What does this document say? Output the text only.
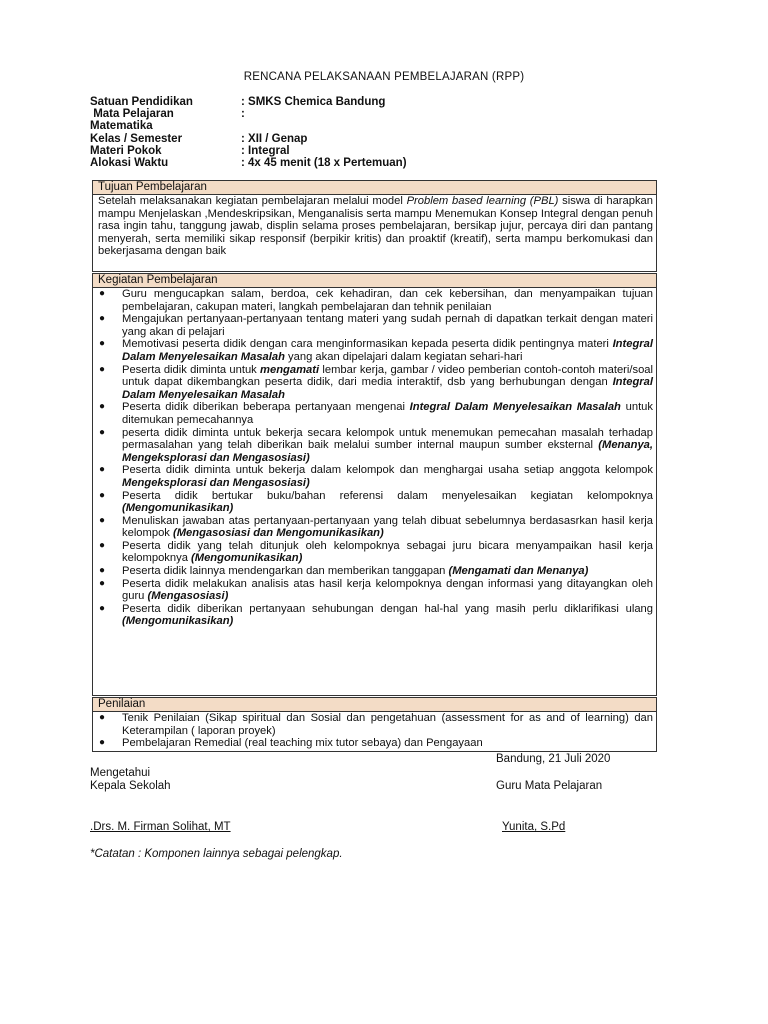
RENCANA PELAKSANAAN PEMBELAJARAN (RPP)
Satuan Pendidikan	: SMKS Chemica Bandung
Mata Pelajaran	:
Matematika
Kelas / Semester	: XII / Genap
Materi Pokok	: Integral
Alokasi Waktu	: 4x 45 menit (18 x Pertemuan)
Tujuan Pembelajaran
Setelah melaksanakan kegiatan pembelajaran melalui model Problem based learning (PBL) siswa di harapkan mampu Menjelaskan ,Mendeskripsikan, Menganalisis serta mampu Menemukan Konsep Integral dengan penuh rasa ingin tahu, tanggung jawab, displin selama proses pembelajaran, bersikap jujur, percaya diri dan pantang menyerah, serta memiliki sikap responsif (berpikir kritis) dan proaktif (kreatif), serta mampu berkomukasi dan bekerjasama dengan baik
Kegiatan Pembelajaran
● Guru mengucapkan salam, berdoa, cek kehadiran, dan cek kebersihan, dan menyampaikan tujuan pembelajaran, cakupan materi, langkah pembelajaran dan tehnik penilaian
● Mengajukan pertanyaan-pertanyaan tentang materi yang sudah pernah di dapatkan terkait dengan materi yang akan di pelajari
● Memotivasi peserta didik dengan cara menginformasikan kepada peserta didik pentingnya materi Integral Dalam Menyelesaikan Masalah yang akan dipelajari dalam kegiatan sehari-hari
● Peserta didik diminta untuk mengamati lembar kerja, gambar / video pemberian contoh-contoh materi/soal untuk dapat dikembangkan peserta didik, dari media interaktif, dsb yang berhubungan dengan Integral Dalam Menyelesaikan Masalah
● Peserta didik diberikan beberapa pertanyaan mengenai Integral Dalam Menyelesaikan Masalah untuk ditemukan pemecahannya
● peserta didik diminta untuk bekerja secara kelompok untuk menemukan pemecahan masalah terhadap permasalahan yang telah diberikan baik melalui sumber internal maupun sumber eksternal (Menanya, Mengeksplorasi dan Mengasosiasi)
● Peserta didik diminta untuk bekerja dalam kelompok dan menghargai usaha setiap anggota kelompok Mengeksplorasi dan Mengasosiasi)
● Peserta didik bertukar buku/bahan referensi dalam menyelesaikan kegiatan kelompoknya (Mengomunikasikan)
● Menuliskan jawaban atas pertanyaan-pertanyaan yang telah dibuat sebelumnya berdasasrkan hasil kerja kelompok (Mengasosiasi dan Mengomunikasikan)
● Peserta didik yang telah ditunjuk oleh kelompoknya sebagai juru bicara menyampaikan hasil kerja kelompoknya (Mengomunikasikan)
● Peserta didik lainnya mendengarkan dan memberikan tanggapan (Mengamati dan Menanya)
● Peserta didik melakukan analisis atas hasil kerja kelompoknya dengan informasi yang ditayangkan oleh guru (Mengasosiasi)
● Peserta didik diberikan pertanyaan sehubungan dengan hal-hal yang masih perlu diklarifikasi ulang (Mengomunikasikan)
Penilaian
● Tenik Penilaian (Sikap spiritual dan Sosial dan pengetahuan (assessment for as and of learning) dan Keterampilan ( laporan proyek)
● Pembelajaran Remedial (real teaching mix tutor sebaya) dan Pengayaan
Bandung, 21 Juli 2020
Mengetahui
Kepala Sekolah	Guru Mata Pelajaran
.Drs. M. Firman Solihat, MT	Yunita, S.Pd
*Catatan : Komponen lainnya sebagai pelengkap.
